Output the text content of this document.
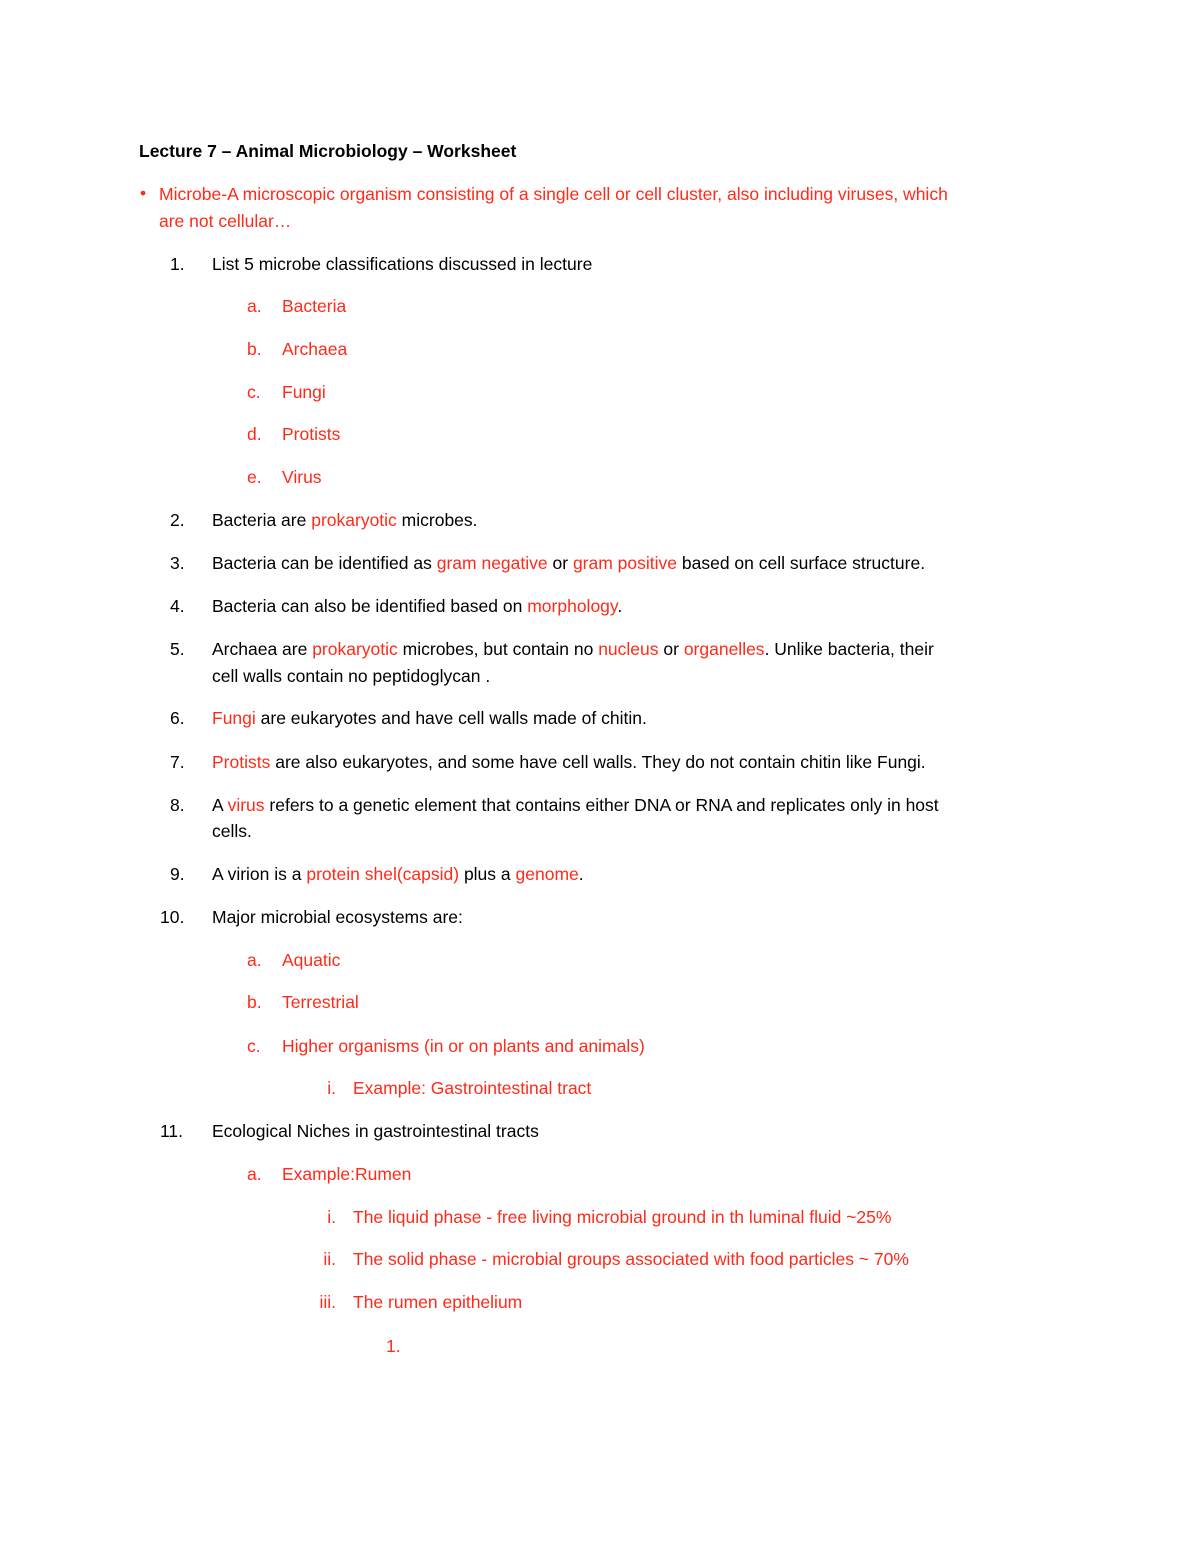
Lecture 7 – Animal Microbiology – Worksheet
• Microbe-A microscopic organism consisting of a single cell or cell cluster, also including viruses, which
are not cellular…
1.	List 5 microbe classifications discussed in lecture
a.	Bacteria
b.	Archaea
c.	Fungi
d.	Protists
e.	Virus
2.	Bacteria are prokaryotic microbes.
3.	Bacteria can be identified as gram negative or gram positive based on cell surface structure.
4.	Bacteria can also be identified based on morphology.
5.	Archaea are prokaryotic microbes, but contain no nucleus or organelles. Unlike bacteria, their
cell walls contain no peptidoglycan .
6.	Fungi are eukaryotes and have cell walls made of chitin.
7.	Protists are also eukaryotes, and some have cell walls. They do not contain chitin like Fungi.
8.	A virus refers to a genetic element that contains either DNA or RNA and replicates only in host
cells.
9.	A virion is a protein shel(capsid) plus a genome.
10. Major microbial ecosystems are:
a.	Aquatic
b.	Terrestrial
c.	Higher organisms (in or on plants and animals)
i. Example: Gastrointestinal tract
11. Ecological Niches in gastrointestinal tracts
a.	Example:Rumen
i. The liquid phase - free living microbial ground in th luminal fluid ~25%
ii. The solid phase - microbial groups associated with food particles ~ 70%
iii. The rumen epithelium
1.
